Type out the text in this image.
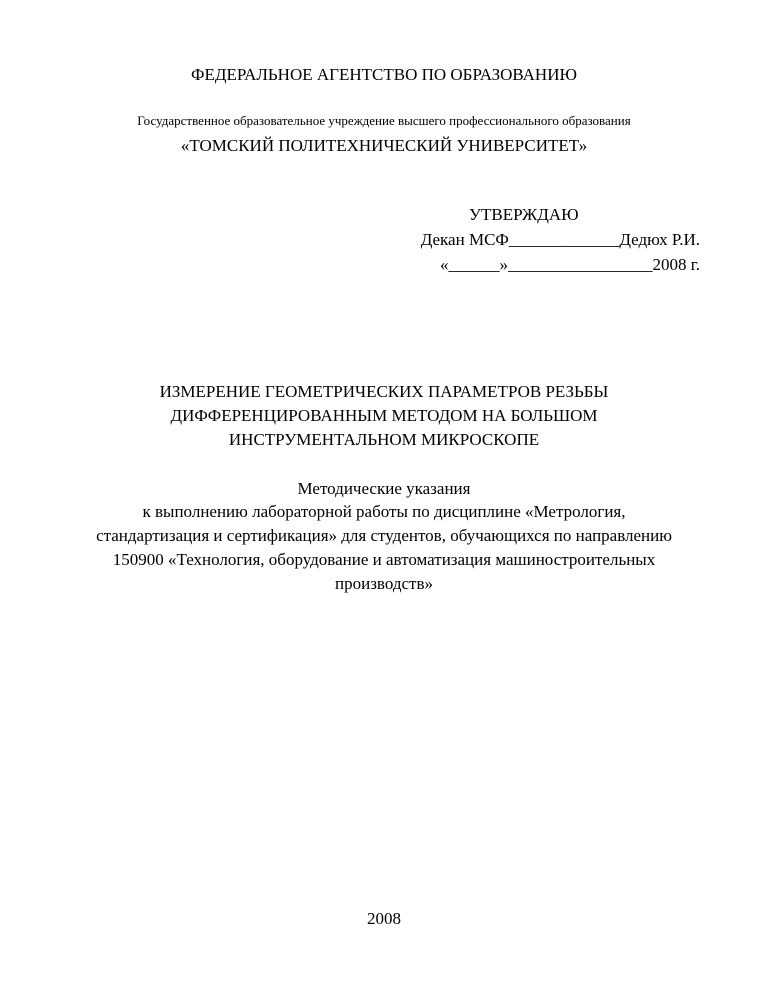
ФЕДЕРАЛЬНОЕ АГЕНТСТВО ПО ОБРАЗОВАНИЮ
Государственное образовательное учреждение высшего профессионального образования
«ТОМСКИЙ ПОЛИТЕХНИЧЕСКИЙ УНИВЕРСИТЕТ»
УТВЕРЖДАЮ
Декан МСФ_____________Дедюх Р.И.
«______»_________________2008 г.
ИЗМЕРЕНИЕ ГЕОМЕТРИЧЕСКИХ ПАРАМЕТРОВ РЕЗЬБЫ
ДИФФЕРЕНЦИРОВАННЫМ МЕТОДОМ НА БОЛЬШОМ
ИНСТРУМЕНТАЛЬНОМ МИКРОСКОПЕ
Методические указания
к выполнению лабораторной работы по дисциплине «Метрология,
стандартизация и сертификация» для студентов, обучающихся по направлению
150900 «Технология, оборудование и автоматизация машиностроительных
производств»
2008
